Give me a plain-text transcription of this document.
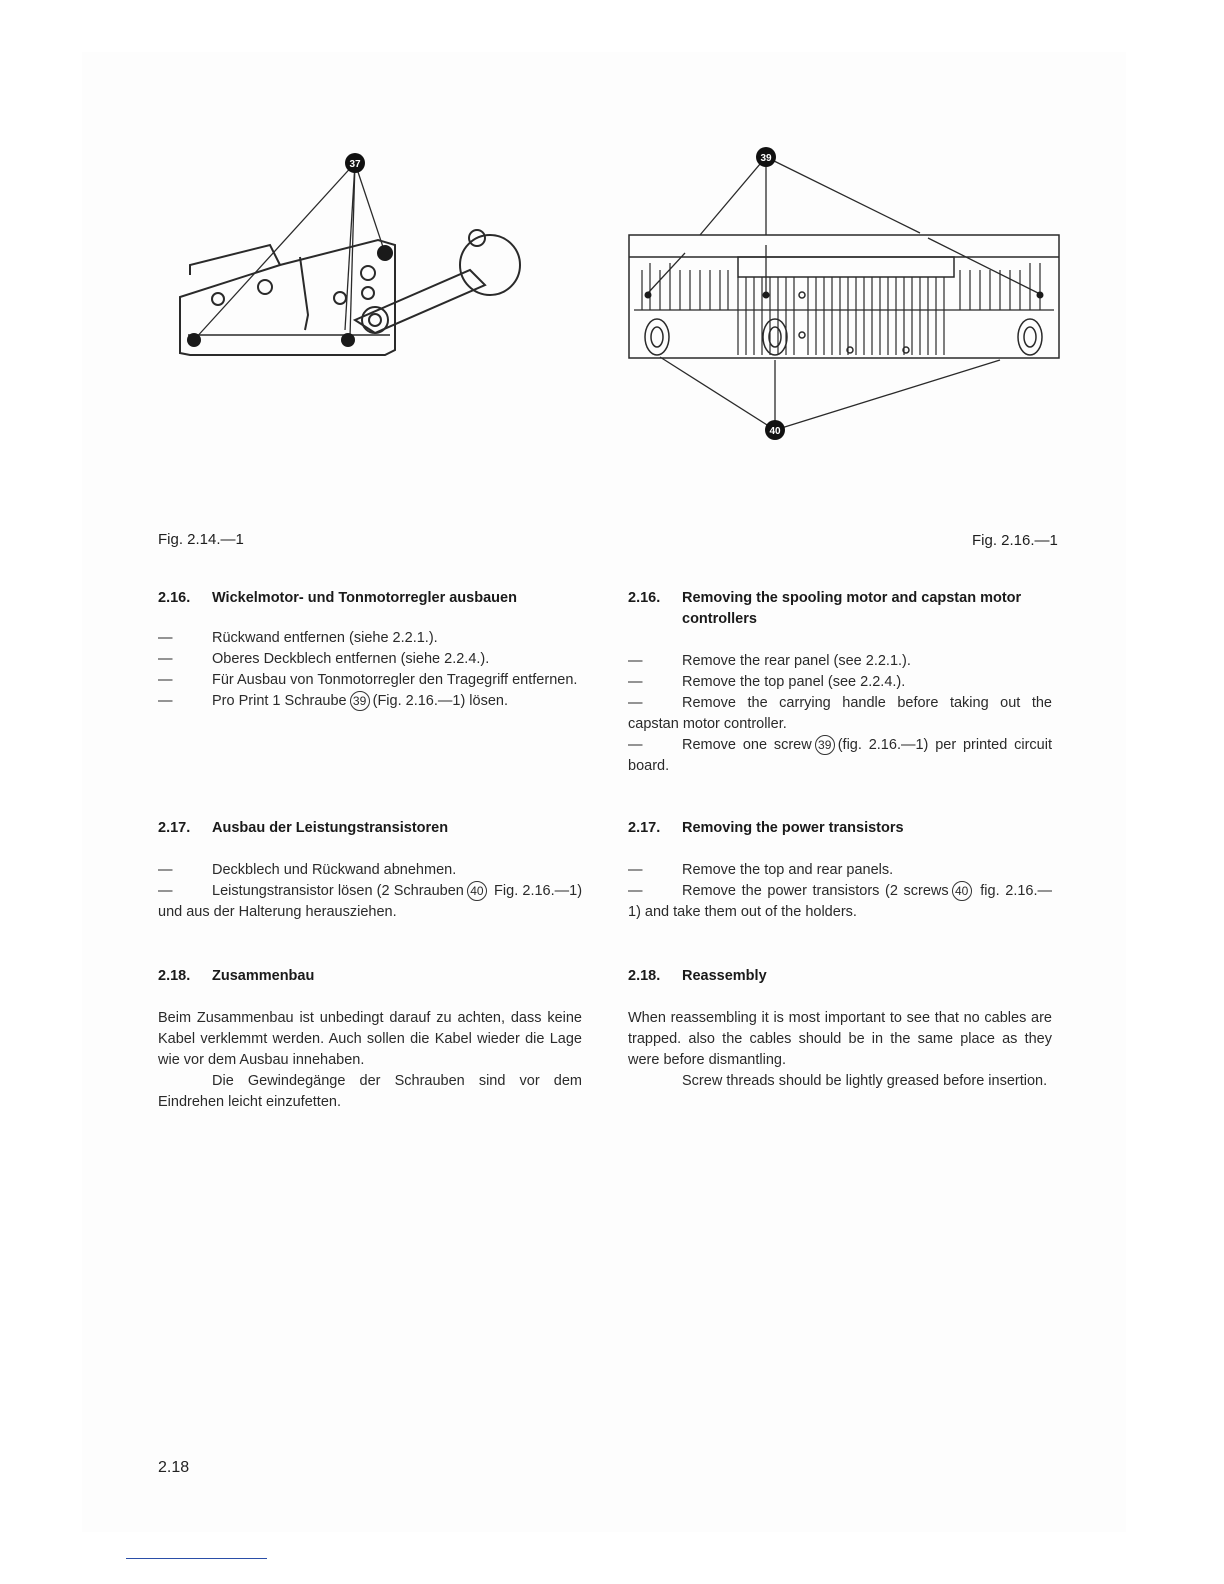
37
39
40
Fig. 2.14.—1	Fig. 2.16.—1
2.16.	Wickelmotor- und Tonmotorregler ausbauen
—	Rückwand entfernen (siehe 2.2.1.).
—	Oberes Deckblech entfernen (siehe 2.2.4.).
—	Für Ausbau von Tonmotorregler den Tragegriff entfernen.
—	Pro Print 1 Schraube 39 (Fig. 2.16.—1) lösen.
2.17.	Ausbau der Leistungstransistoren
—	Deckblech und Rückwand abnehmen.

—	Leistungstransistor lösen (2 Schrauben 40 Fig. 2.16.—1) und aus der Halterung herausziehen.

2.18.	Zusammenbau

Beim Zusammenbau ist unbedingt darauf zu achten, dass keine Kabel verklemmt werden. Auch sollen die Kabel wieder die Lage wie vor dem Ausbau innehaben.

Die Gewindegänge der Schrauben sind vor dem Eindrehen leicht einzufetten.

2.16.	Removing the spooling motor and capstan motor controllers
—	Remove the rear panel (see 2.2.1.).
—	Remove the top panel (see 2.2.4.).

—	Remove the carrying handle before taking out the capstan motor controller.

—	Remove one screw 39 (fig. 2.16.—1) per printed circuit board.

2.17.	Removing the power transistors
—	Remove the top and rear panels.

—	Remove the power transistors (2 screws 40 fig. 2.16.—1) and take them out of the holders.

2.18.	Reassembly

When reassembling it is most important to see that no cables are trapped. also the cables should be in the same place as they were before dismantling.

Screw threads should be lightly greased before insertion.

2.18
